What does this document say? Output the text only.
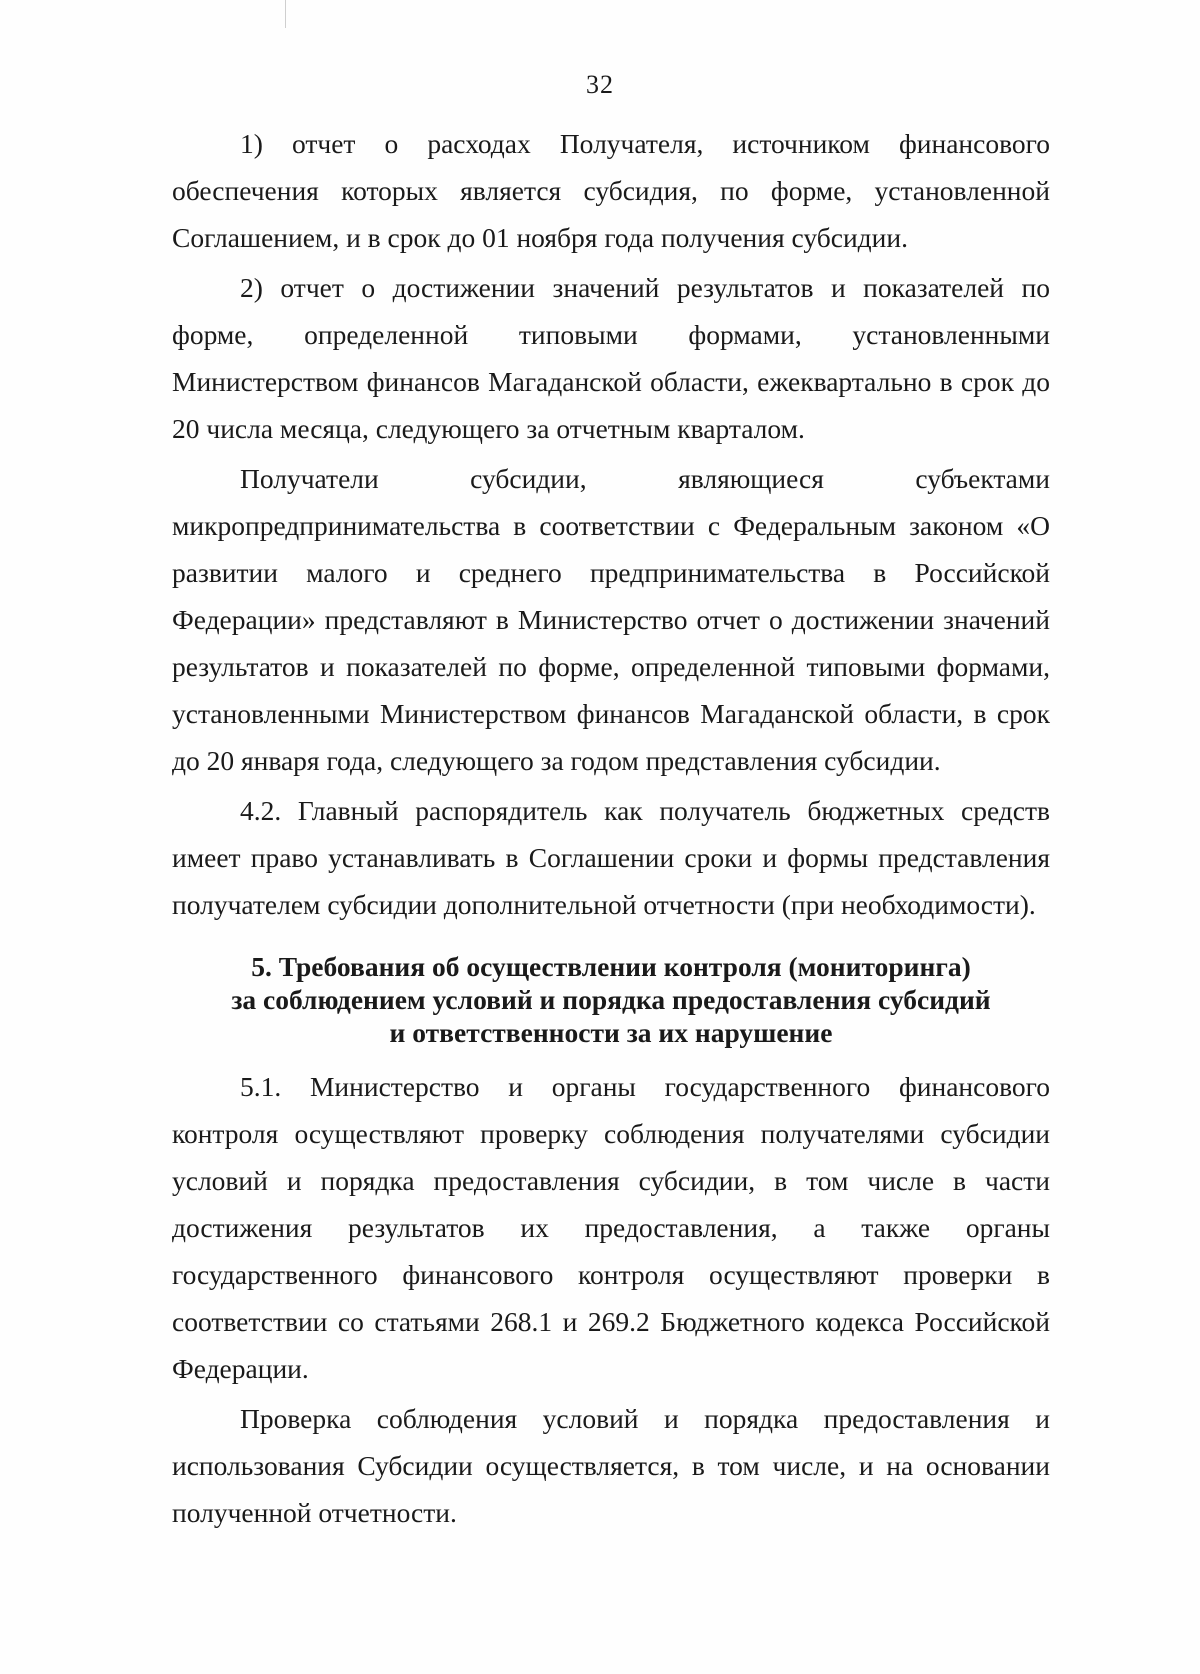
32

1) отчет о расходах Получателя, источником финансового обеспечения которых является субсидия, по форме, установленной Соглашением, и в срок до 01 ноября года получения субсидии.

2) отчет о достижении значений результатов и показателей по форме, определенной типовыми формами, установленными Министерством финансов Магаданской области, ежеквартально в срок до 20 числа месяца, следующего за отчетным кварталом.

Получатели субсидии, являющиеся субъектами микропредпринимательства в соответствии с Федеральным законом «О развитии малого и среднего предпринимательства в Российской Федерации» представляют в Министерство отчет о достижении значений результатов и показателей по форме, определенной типовыми формами, установленными Министерством финансов Магаданской области, в срок до 20 января года, следующего за годом представления субсидии.

4.2. Главный распорядитель как получатель бюджетных средств имеет право устанавливать в Соглашении сроки и формы представления получателем субсидии дополнительной отчетности (при необходимости).

5. Требования об осуществлении контроля (мониторинга)
за соблюдением условий и порядка предоставления субсидий
и ответственности за их нарушение

5.1. Министерство и органы государственного финансового контроля осуществляют проверку соблюдения получателями субсидии условий и порядка предоставления субсидии, в том числе в части достижения результатов их предоставления, а также органы государственного финансового контроля осуществляют проверки в соответствии со статьями 268.1 и 269.2 Бюджетного кодекса Российской Федерации.

Проверка соблюдения условий и порядка предоставления и использования Субсидии осуществляется, в том числе, и на основании полученной отчетности.
